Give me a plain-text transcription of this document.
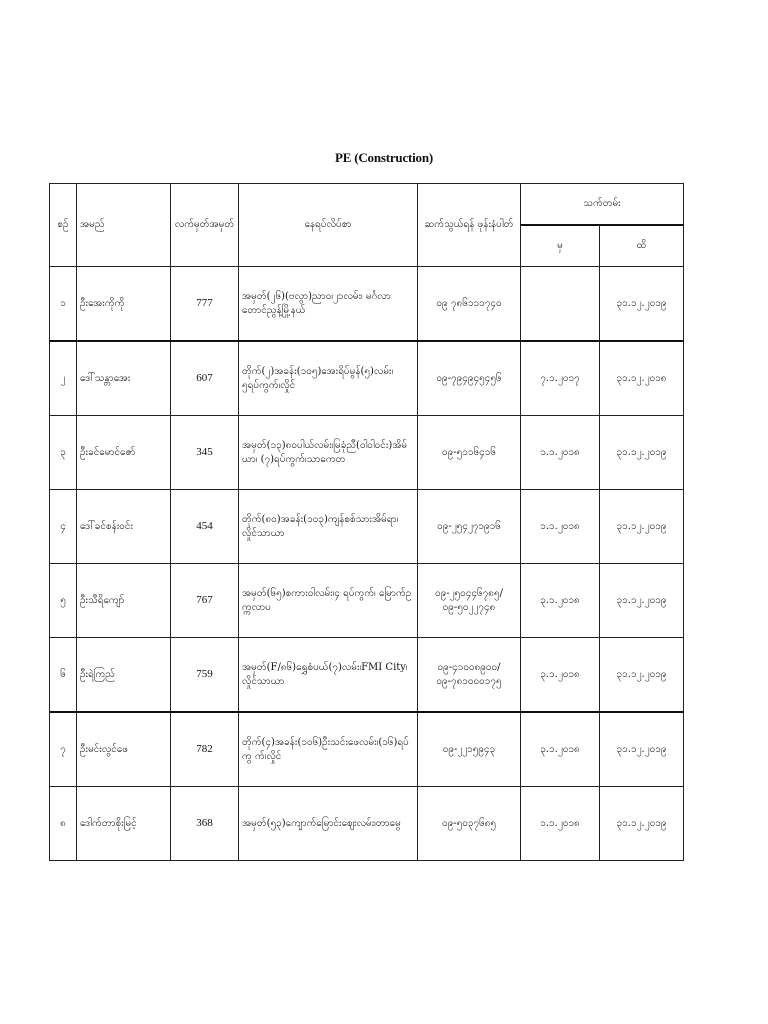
PE (Construction)
စဉ်	အမည်	လက်မှတ်အမှတ်	နေရပ်လိပ်စာ	ဆက်သွယ်ရန် ဖုန်းနံပါတ်	သက်တမ်း	
					မှ	ထိ
၁	ဦးအေးကိုကို	777	အမှတ်(၂၆)(ဗလွာ)ညာဝ၊၂၁လမ်း၊ မင်္ဂလာတောင်ညွန့်မြို့နယ်	၀၉ ၇၈၆၁၁၁၇၄၀		၃၁.၁၂.၂၀၁၉
၂	ဒေါ်သန္တာအေး	607	တိုက်(၂)အခန်း(၁၀၅)အေးရိပ်မွန်(၅)လမ်း၊ ၅ရပ်ကွက်၊လှိုင်	၀၉-၇၉၄၉၄၅၄၅၆	၇.၁.၂၀၁၇	၃၁.၁၂.၂၀၁၈
၃	ဦးခင်မောင်ဇော်	345	အမှတ်(၁၃)၈၀ပါယ်လမ်း၊မြခုံညီ(၀ါဝါဝင်း)အိမ်ယာ၊ (၇)ရပ်ကွက်၊သာကေတ	၀၉-၅၁၁၆၄၁၆	၁.၁.၂၀၁၈	၃၁.၁၂.၂၀၁၉
၄	ဒေါ်ခင်စန်းဝင်း	454	တိုက်(၈၀)အခန်း(၁၀၃)ကျန်စစ်သားအိမ်ရာ၊ လှိုင်သာယာ	၀၉-၂၅၄၂၇၁၉၁၆	၁.၁.၂၀၁၈	၃၁.၁၂.၂၀၁၉
၅	ဦးသီရိကျော်	767	အမှတ်(၆၅)စကားဝါလမ်း၊၄ ရပ်ကွက်၊ မြောက်ဥက္ကလာပ	၀၉-၂၅၀၄၄၆၇၈၅/ ၀၉-၅၀၂၂၇၄၈	၃.၁.၂၀၁၈	၃၁.၁၂.၂၀၁၉
၆	ဦးရဲကြည်	759	အမှတ်(F/၈၆)ရွှေစံပယ်(၇)လမ်း၊FMI City၊ လှိုင်သာယာ	၀၉-၄၁၀၀၈၉၀၀/ ၀၉-၇၈၁၀၀၀၁၇၅	၃.၁.၂၀၁၈	၃၁.၁၂.၂၀၁၉
၇	ဦးမင်းလွင်ဖေ	782	တိုက်(၄)အခန်း(၁၀၆)ဦးသင်းဖေလမ်း၊(၁၆)ရပ်ကွ က်၊လှိုင်	၀၉-၂၂၁၅၉၄၃	၃.၁.၂၀၁၈	၃၁.၁၂.၂၀၁၉
၈	ဒေါက်တာစိုးမြင့်	368	အမှတ်(၅၃)ကျောက်မြောင်းဈေးလမ်း၊တာမွေ	၀၉-၅၀၃၇၆၈၅	၁.၁.၂၀၁၈	၃၁.၁၂.၂၀၁၉
